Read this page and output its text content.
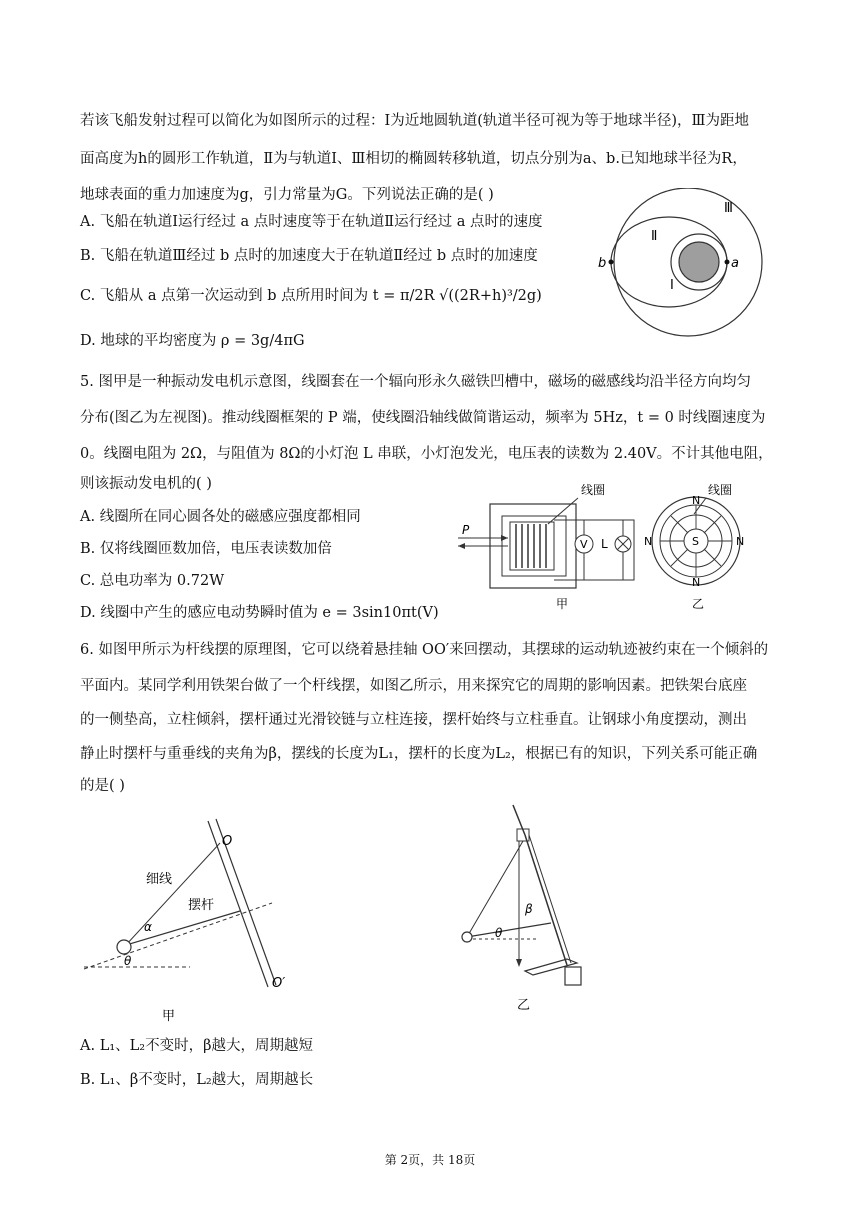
若该飞船发射过程可以简化为如图所示的过程：Ⅰ为近地圆轨道(轨道半径可视为等于地球半径)，Ⅲ为距地
面高度为h的圆形工作轨道，Ⅱ为与轨道Ⅰ、Ⅲ相切的椭圆转移轨道，切点分别为a、b.已知地球半径为R，
地球表面的重力加速度为g，引力常量为G。下列说法正确的是( )
A. 飞船在轨道Ⅰ运行经过 a 点时速度等于在轨道Ⅱ运行经过 a 点时的速度
B. 飞船在轨道Ⅲ经过 b 点时的加速度大于在轨道Ⅱ经过 b 点时的加速度
C. 飞船从 a 点第一次运动到 b 点所用时间为 t = π/2R √((2R+h)³/2g)
D. 地球的平均密度为 ρ = 3g/4πG
Ⅲ
Ⅱ
Ⅰ
a
b
5. 图甲是一种振动发电机示意图，线圈套在一个辐向形永久磁铁凹槽中，磁场的磁感线均沿半径方向均匀
分布(图乙为左视图)。推动线圈框架的 P 端，使线圈沿轴线做简谐运动，频率为 5Hz，t = 0 时线圈速度为
0。线圈电阻为 2Ω，与阻值为 8Ω的小灯泡 L 串联，小灯泡发光，电压表的读数为 2.40V。不计其他电阻，
则该振动发电机的( )
A. 线圈所在同心圆各处的磁感应强度都相同
B. 仅将线圈匝数加倍，电压表读数加倍
C. 总电功率为 0.72W
D. 线圈中产生的感应电动势瞬时值为 e = 3sin10πt(V)
线圈
P
V L
甲
线圈
S
N
N
N	N
乙
6. 如图甲所示为杆线摆的原理图，它可以绕着悬挂轴 OO′来回摆动，其摆球的运动轨迹被约束在一个倾斜的
平面内。某同学利用铁架台做了一个杆线摆，如图乙所示，用来探究它的周期的影响因素。把铁架台底座
的一侧垫高，立柱倾斜，摆杆通过光滑铰链与立柱连接，摆杆始终与立柱垂直。让钢球小角度摆动，测出
静止时摆杆与重垂线的夹角为β，摆线的长度为L₁，摆杆的长度为L₂，根据已有的知识，下列关系可能正确
的是( )
O
O′
细线
摆杆
α
θ
甲
β
θ
乙
A. L₁、L₂不变时，β越大，周期越短
B. L₁、β不变时，L₂越大，周期越长
第 2页，共 18页
